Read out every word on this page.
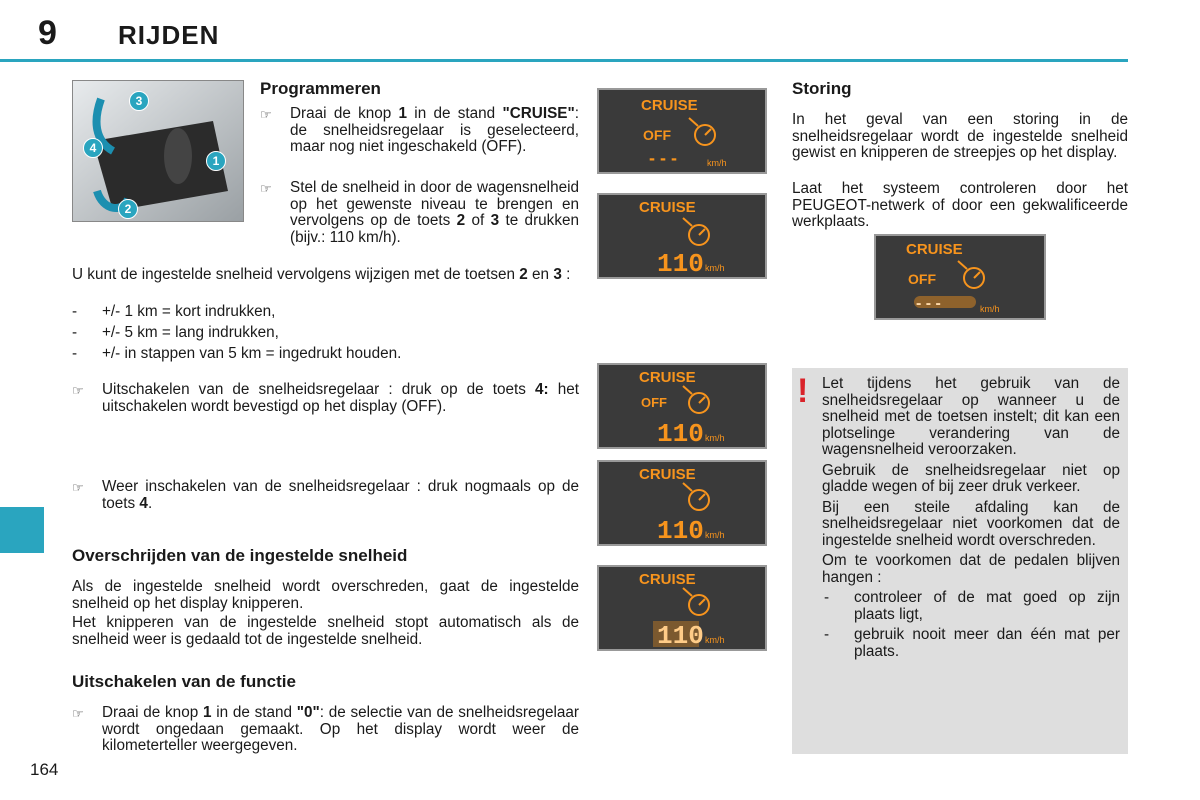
9 RIJDEN
164
3
4
1
2
Programmeren
☞	Draai de knop 1 in de stand "CRUISE": de snelheidsregelaar is geselecteerd, maar nog niet ingeschakeld (OFF).
☞	Stel de snelheid in door de wagensnelheid op het gewenste niveau te brengen en vervolgens op de toets 2 of 3 te drukken (bijv.: 110 km/h).
U kunt de ingestelde snelheid vervolgens wijzigen met de toetsen 2 en 3 :
-	+/- 1 km = kort indrukken,
-	+/- 5 km = lang indrukken,
-	+/- in stappen van 5 km = ingedrukt houden.
☞	Uitschakelen van de snelheidsregelaar : druk op de toets 4: het uitschakelen wordt bevestigd op het display (OFF).
☞	Weer inschakelen van de snelheidsregelaar : druk nogmaals op de toets 4.
Overschrijden van de ingestelde snelheid

Als de ingestelde snelheid wordt overschreden, gaat de ingestelde snelheid op het display knipperen.

Het knipperen van de ingestelde snelheid stopt automatisch als de snelheid weer is gedaald tot de ingestelde snelheid.

Uitschakelen van de functie
☞	Draai de knop 1 in de stand "0": de selectie van de snelheidsregelaar wordt ongedaan gemaakt. Op het display wordt weer de kilometerteller weergegeven.
CRUISE
OFF
- - -	km/h
CRUISE
110 km/h
CRUISE
OFF
110 km/h
CRUISE
110 km/h
CRUISE
110 km/h
Storing

In het geval van een storing in de snelheidsregelaar wordt de ingestelde snelheid gewist en knipperen de streepjes op het display.

Laat het systeem controleren door het PEUGEOT-netwerk of door een gekwalificeerde werkplaats.

CRUISE
OFF
- - -	km/h
! Let tijdens het gebruik van de snelheidsregelaar op wanneer u de snelheid met de toetsen instelt; dit kan een plotselinge verandering van de wagensnelheid veroorzaken.

Gebruik de snelheidsregelaar niet op gladde wegen of bij zeer druk verkeer.

Bij een steile afdaling kan de snelheidsregelaar niet voorkomen dat de ingestelde snelheid wordt overschreden.

Om te voorkomen dat de pedalen blijven hangen :

-	controleer of de mat goed op zijn plaats ligt,
-	gebruik nooit meer dan één mat per plaats.
